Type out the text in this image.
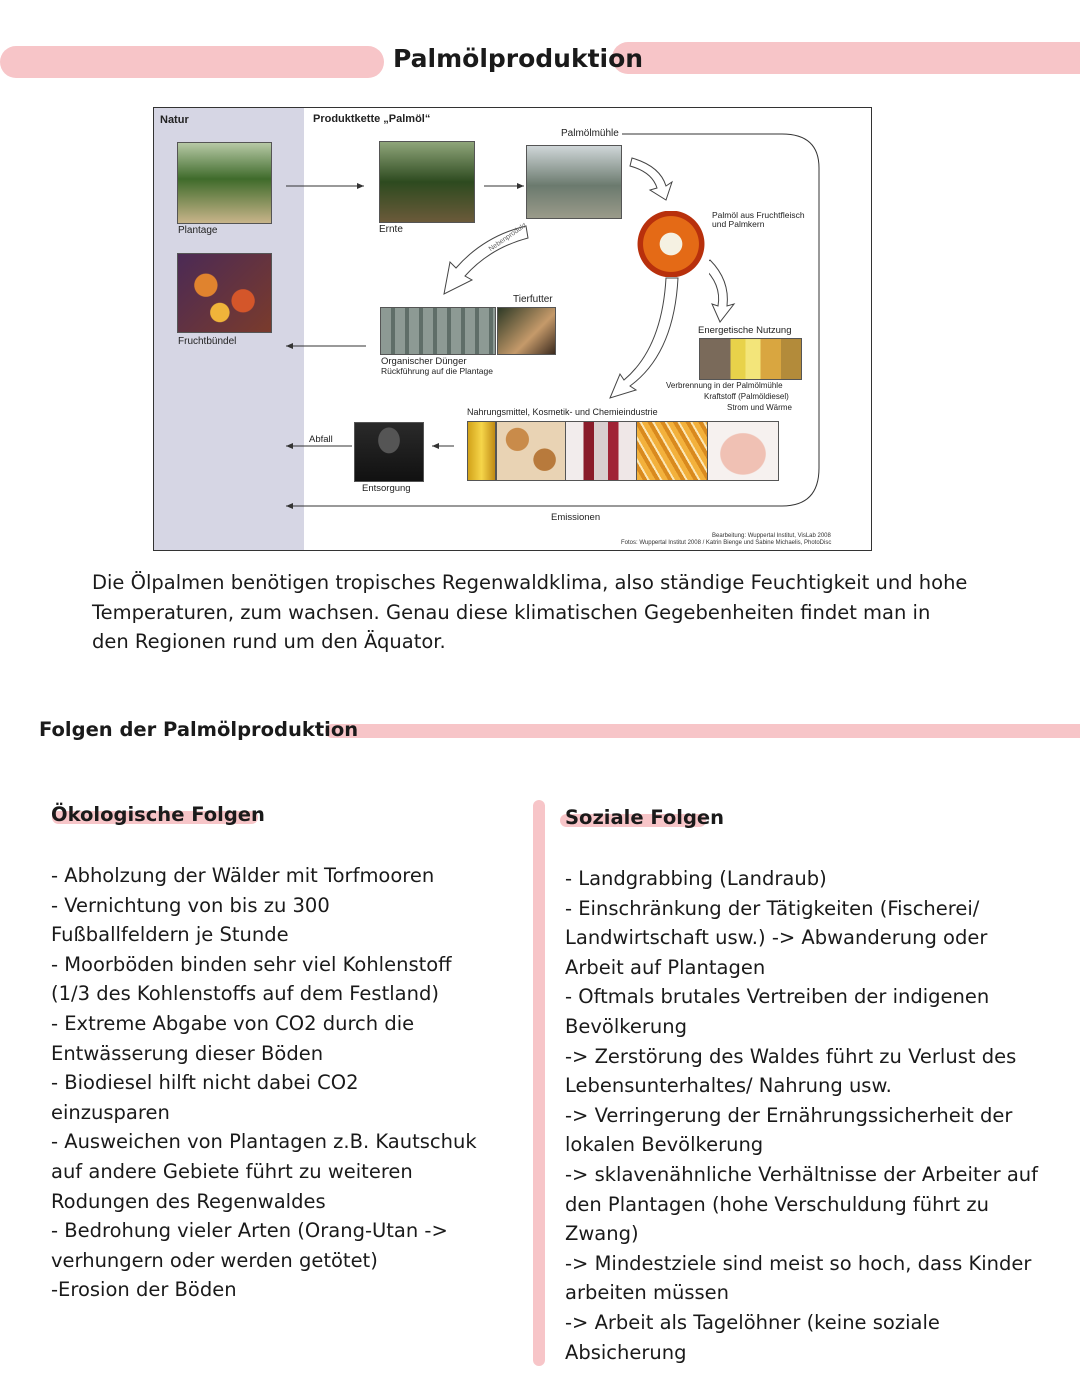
Palmölproduktion
Natur	Produktkette „Palmöl“
Plantage
Fruchtbündel
Ernte
Palmölmühle
Palmöl aus Fruchtfleisch
und Palmkern
Nebenprodukt
Tierfutter
Organischer Dünger
Rückführung auf die Plantage
Energetische Nutzung
Verbrennung in der Palmölmühle
Kraftstoff (Palmöldiesel)
Strom und Wärme
Nahrungsmittel, Kosmetik- und Chemieindustrie
Abfall
Entsorgung
Emissionen
Bearbeitung: Wuppertal Institut, VisLab 2008
Fotos: Wuppertal Institut 2008 / Katrin Bienge und Sabine Michaelis, PhotoDisc

Die Ölpalmen benötigen tropisches Regenwaldklima, also ständige Feuchtigkeit und hohe Temperaturen, zum wachsen. Genau diese klimatischen Gegebenheiten findet man in den Regionen rund um den Äquator.

Folgen der Palmölproduktion
Ökologische Folgen	Soziale Folgen
- Abholzung der Wälder mit Torfmooren
- Vernichtung von bis zu 300
Fußballfeldern je Stunde
- Moorböden binden sehr viel Kohlenstoff
(1/3 des Kohlenstoffs auf dem Festland)
- Extreme Abgabe von CO2 durch die
Entwässerung dieser Böden
- Biodiesel hilft nicht dabei CO2
einzusparen
- Ausweichen von Plantagen z.B. Kautschuk
auf andere Gebiete führt zu weiteren
Rodungen des Regenwaldes
- Bedrohung vieler Arten (Orang-Utan ->
verhungern oder werden getötet)
-Erosion der Böden
- Landgrabbing (Landraub)
- Einschränkung der Tätigkeiten (Fischerei/
Landwirtschaft usw.) -> Abwanderung oder
Arbeit auf Plantagen
- Oftmals brutales Vertreiben der indigenen
Bevölkerung
-> Zerstörung des Waldes führt zu Verlust des
Lebensunterhaltes/ Nahrung usw.
-> Verringerung der Ernährungssicherheit der
lokalen Bevölkerung
-> sklavenähnliche Verhältnisse der Arbeiter auf
den Plantagen (hohe Verschuldung führt zu
Zwang)
-> Mindestziele sind meist so hoch, dass Kinder
arbeiten müssen
-> Arbeit als Tagelöhner (keine soziale
Absicherung
